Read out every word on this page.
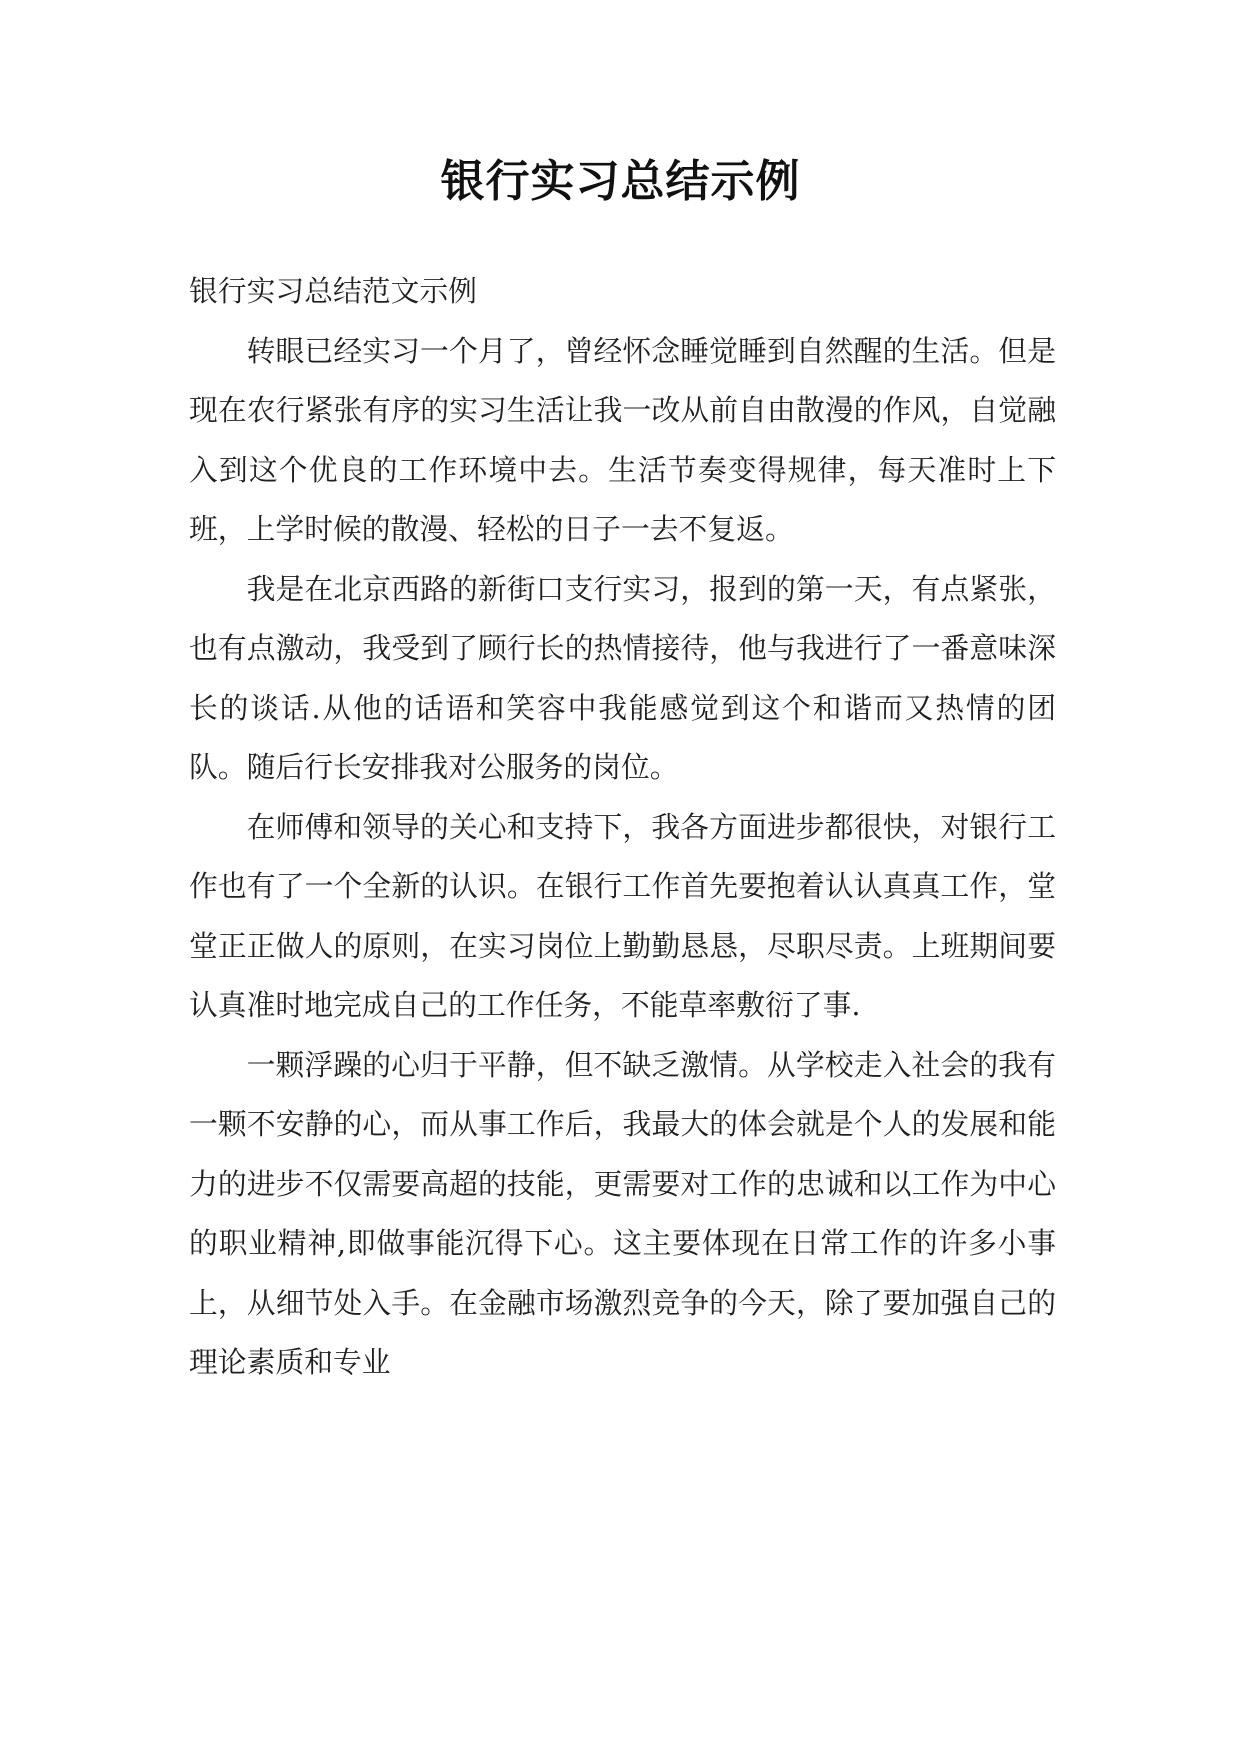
银行实习总结示例

银行实习总结范文示例

转眼已经实习一个月了，曾经怀念睡觉睡到自然醒的生活。但是现在农行紧张有序的实习生活让我一改从前自由散漫的作风，自觉融入到这个优良的工作环境中去。生活节奏变得规律，每天准时上下班，上学时候的散漫、轻松的日子一去不复返。

我是在北京西路的新街口支行实习，报到的第一天，有点紧张，也有点激动，我受到了顾行长的热情接待，他与我进行了一番意味深长的谈话.从他的话语和笑容中我能感觉到这个和谐而又热情的团队。随后行长安排我对公服务的岗位。

在师傅和领导的关心和支持下，我各方面进步都很快，对银行工作也有了一个全新的认识。在银行工作首先要抱着认认真真工作，堂堂正正做人的原则，在实习岗位上勤勤恳恳，尽职尽责。上班期间要认真准时地完成自己的工作任务，不能草率敷衍了事.

一颗浮躁的心归于平静，但不缺乏激情。从学校走入社会的我有一颗不安静的心，而从事工作后，我最大的体会就是个人的发展和能力的进步不仅需要高超的技能，更需要对工作的忠诚和以工作为中心的职业精神,即做事能沉得下心。这主要体现在日常工作的许多小事上，从细节处入手。在金融市场激烈竞争的今天，除了要加强自己的理论素质和专业
